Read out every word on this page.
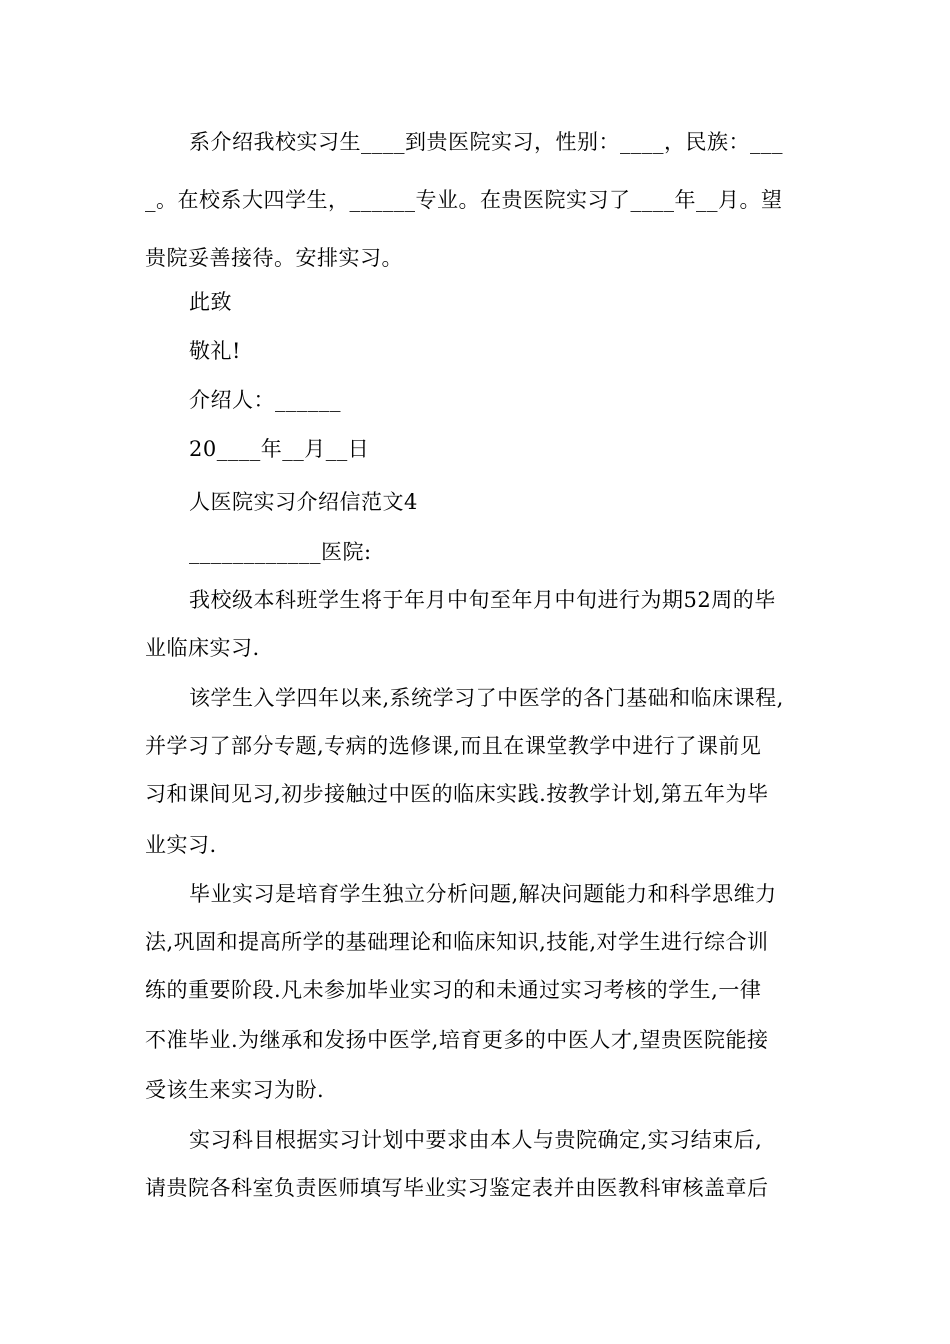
系介绍我校实习生____到贵医院实习，性别：____，民族：___
_。在校系大四学生，______专业。在贵医院实习了____年__月。望
贵院妥善接待。安排实习。
此致
敬礼!
介绍人：______
20____年__月__日
人医院实习介绍信范文4
____________医院:
我校级本科班学生将于年月中旬至年月中旬进行为期52周的毕
业临床实习.
该学生入学四年以来,系统学习了中医学的各门基础和临床课程,
并学习了部分专题,专病的选修课,而且在课堂教学中进行了课前见
习和课间见习,初步接触过中医的临床实践.按教学计划,第五年为毕
业实习.
毕业实习是培育学生独立分析问题,解决问题能力和科学思维力
法,巩固和提高所学的基础理论和临床知识,技能,对学生进行综合训
练的重要阶段.凡未参加毕业实习的和未通过实习考核的学生,一律
不准毕业.为继承和发扬中医学,培育更多的中医人才,望贵医院能接
受该生来实习为盼.
实习科目根据实习计划中要求由本人与贵院确定,实习结束后,
请贵院各科室负责医师填写毕业实习鉴定表并由医教科审核盖章后
